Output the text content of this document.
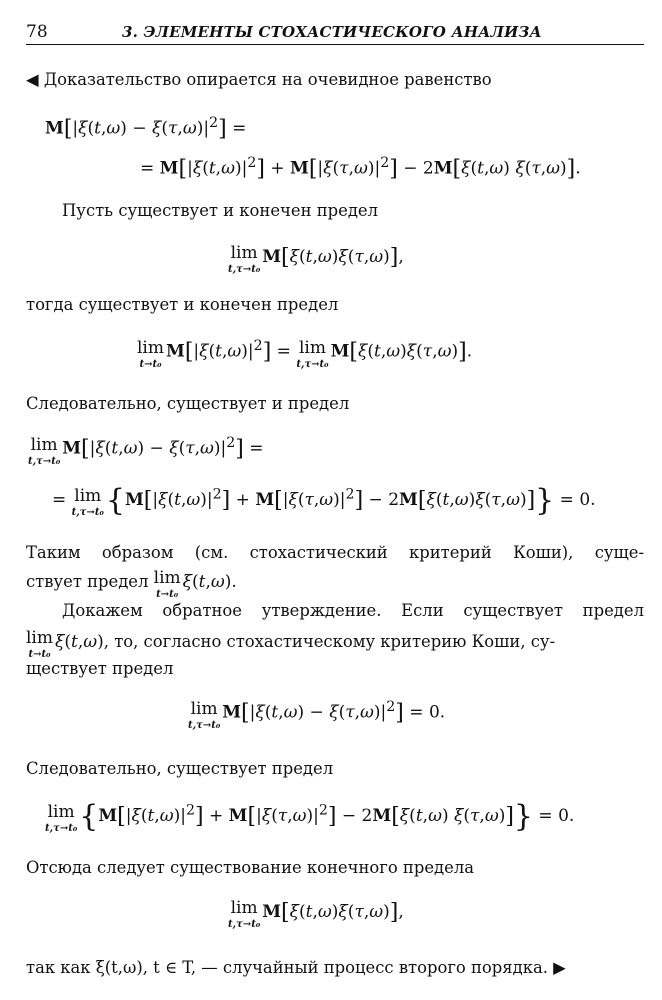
78	3. ЭЛЕМЕНТЫ СТОХАСТИЧЕСКОГО АНАЛИЗА
◀ Доказательство опирается на очевидное равенство
$M[|\xi(t,\omega) - \xi(\tau,\omega)|^2]$ =
= $M[|\xi(t,\omega)|^2] + M[|\xi(\tau,\omega)|^2] - 2M[\xi(t,\omega)$ ξ(τ,ω)].
Пусть существует и конечен предел
lim
t,τ→t₀
M[ξ(t,ω)ξ(τ,ω)],
тогда существует и конечен предел
lim
t→t₀
$M[|\xi(t,\omega)|^2] = \lim$
t,τ→t₀
M[ξ(t,ω)ξ(τ,ω)].
Следовательно, существует и предел
lim
t,τ→t₀
$M[|\xi(t,\omega) - \xi(\tau,\omega)|^2]$ =
= lim
t,τ→t₀ $\{M[|\xi(t,\omega)|^2] + M[|\xi(\tau,\omega)|^2] - 2M[\xi(t,\omega)\xi(\tau,\omega)]\} = 0$.
Таким образом (см. стохастический критерий Коши), суще-
ствует предел lim
t→t₀
ξ(t,ω).
Докажем обратное утверждение. Если существует предел
lim
t→t₀
ξ(t,ω), то, согласно стохастическому критерию Коши, су-
ществует предел
lim
t,τ→t₀
$M[|\xi(t,\omega) - \xi(\tau,\omega)|^2] = 0$.
Следовательно, существует предел
lim
t,τ→t₀ $\{M[|\xi(t,\omega)|^2] + M[|\xi(\tau,\omega)|^2] - 2M[\xi(t,\omega) \xi(\tau,\omega)]\} = 0$.
Отсюда следует существование конечного предела
lim
t,τ→t₀
M[ξ(t,ω)ξ(τ,ω)],
так как ξ(t,ω), t ∈ T, — случайный процесс второго порядка. ▶
